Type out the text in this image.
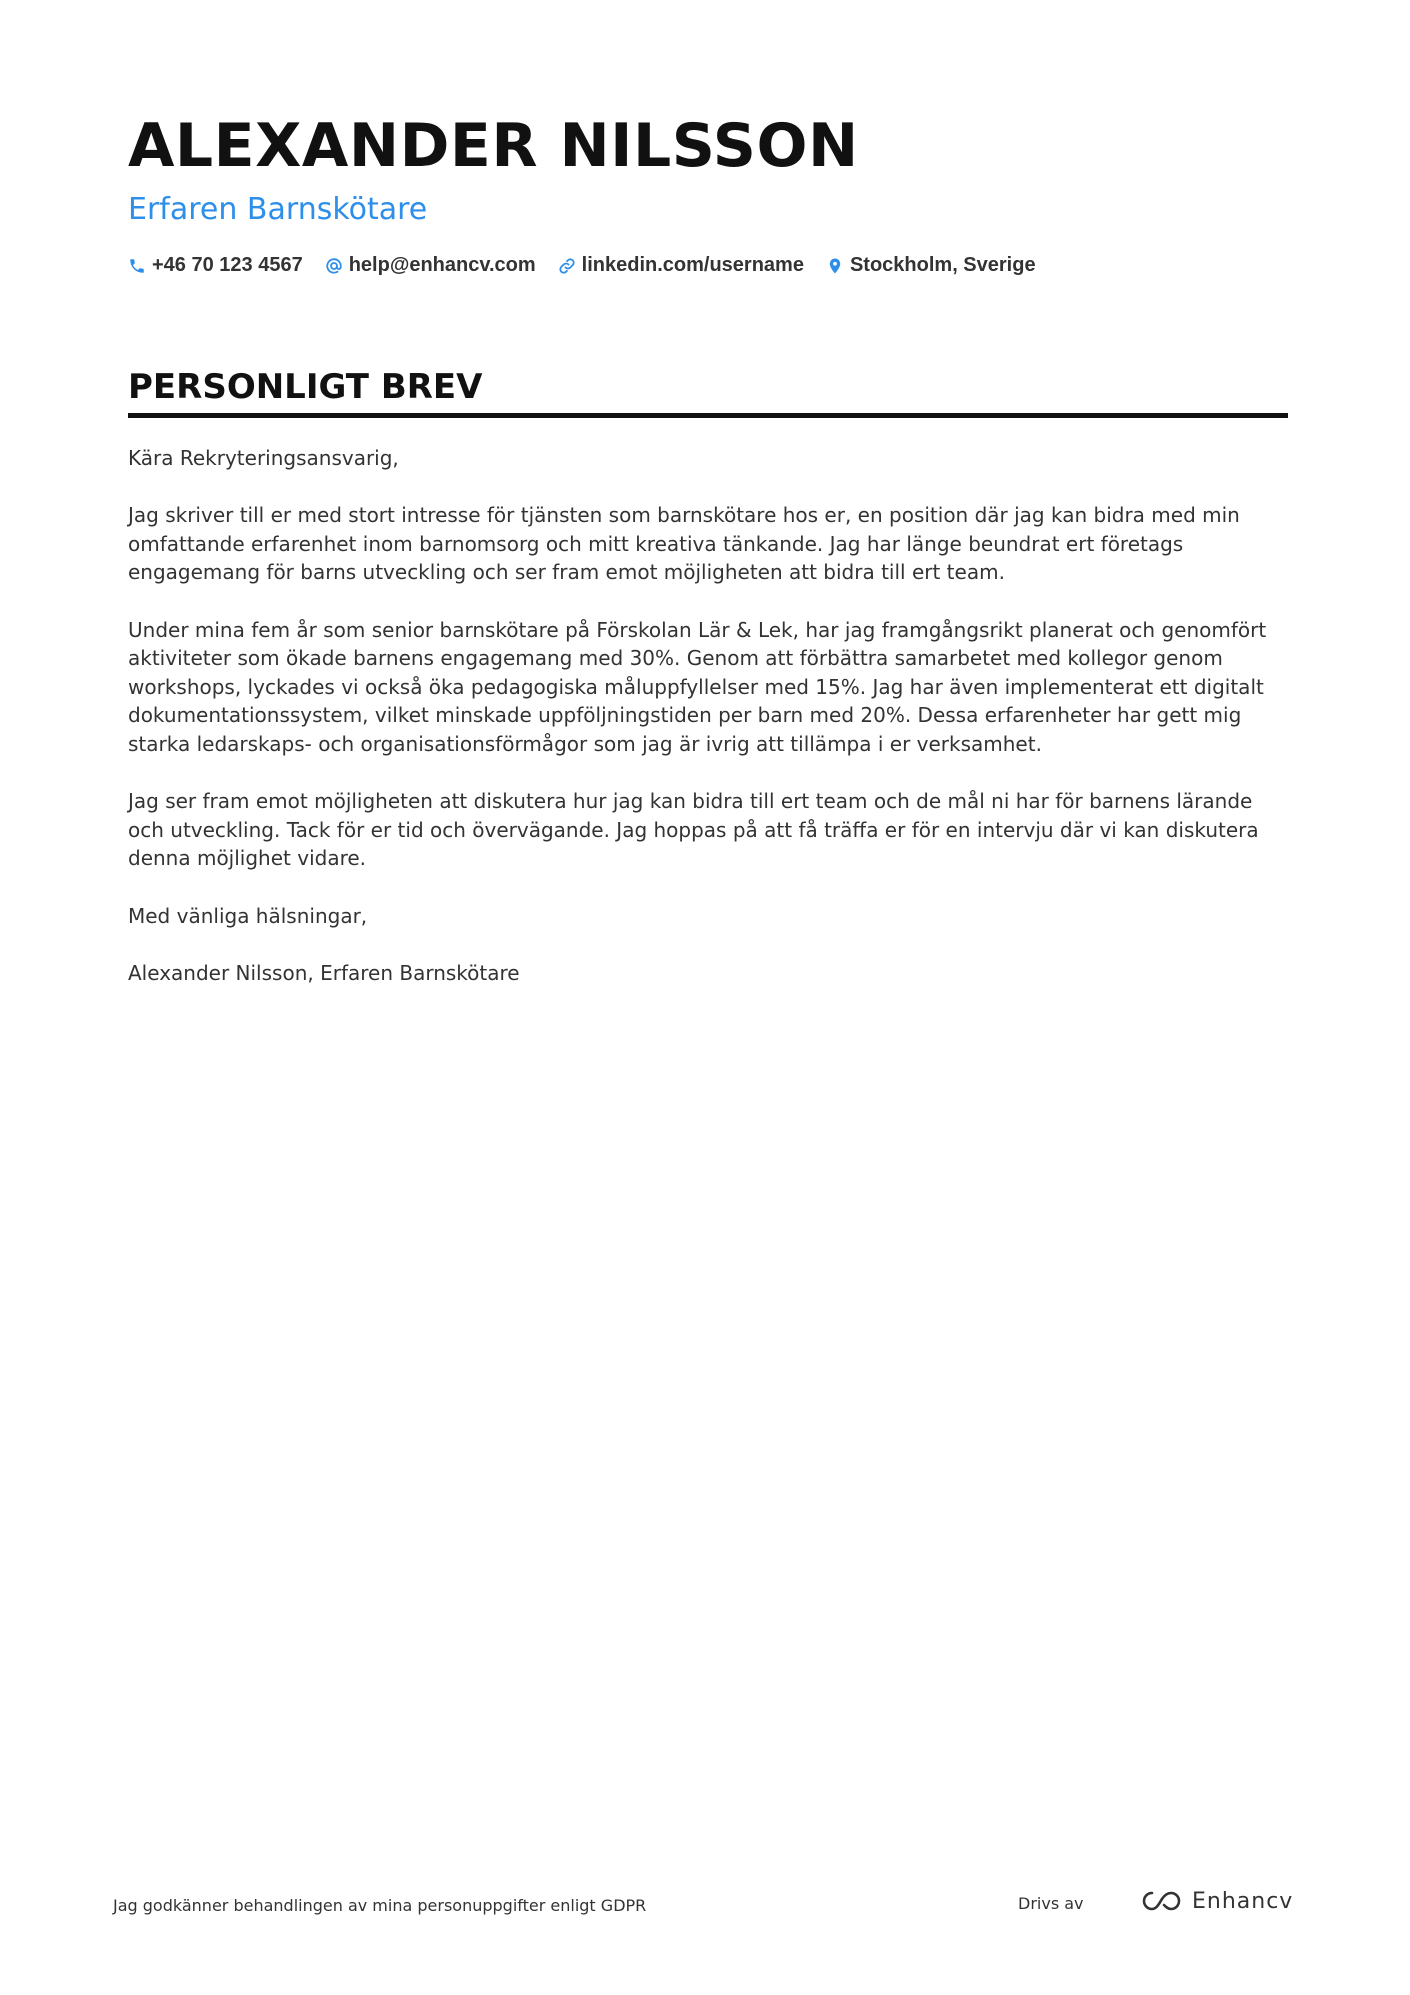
ALEXANDER NILSSON
Erfaren Barnskötare
+46 70 123 4567 help@enhancv.com linkedin.com/username Stockholm, Sverige
PERSONLIGT BREV

Kära Rekryteringsansvarig,

Jag skriver till er med stort intresse för tjänsten som barnskötare hos er, en position där jag kan bidra med min omfattande erfarenhet inom barnomsorg och mitt kreativa tänkande. Jag har länge beundrat ert företags engagemang för barns utveckling och ser fram emot möjligheten att bidra till ert team.

Under mina fem år som senior barnskötare på Förskolan Lär & Lek, har jag framgångsrikt planerat och genomfört aktiviteter som ökade barnens engagemang med 30%. Genom att förbättra samarbetet med kollegor genom workshops, lyckades vi också öka pedagogiska måluppfyllelser med 15%. Jag har även implementerat ett digitalt dokumentationssystem, vilket minskade uppföljningstiden per barn med 20%. Dessa erfarenheter har gett mig starka ledarskaps- och organisationsförmågor som jag är ivrig att tillämpa i er verksamhet.

Jag ser fram emot möjligheten att diskutera hur jag kan bidra till ert team och de mål ni har för barnens lärande och utveckling. Tack för er tid och övervägande. Jag hoppas på att få träffa er för en intervju där vi kan diskutera denna möjlighet vidare.

Med vänliga hälsningar,

Alexander Nilsson, Erfaren Barnskötare

Jag godkänner behandlingen av mina personuppgifter enligt GDPR	Drivs av	Enhancv
